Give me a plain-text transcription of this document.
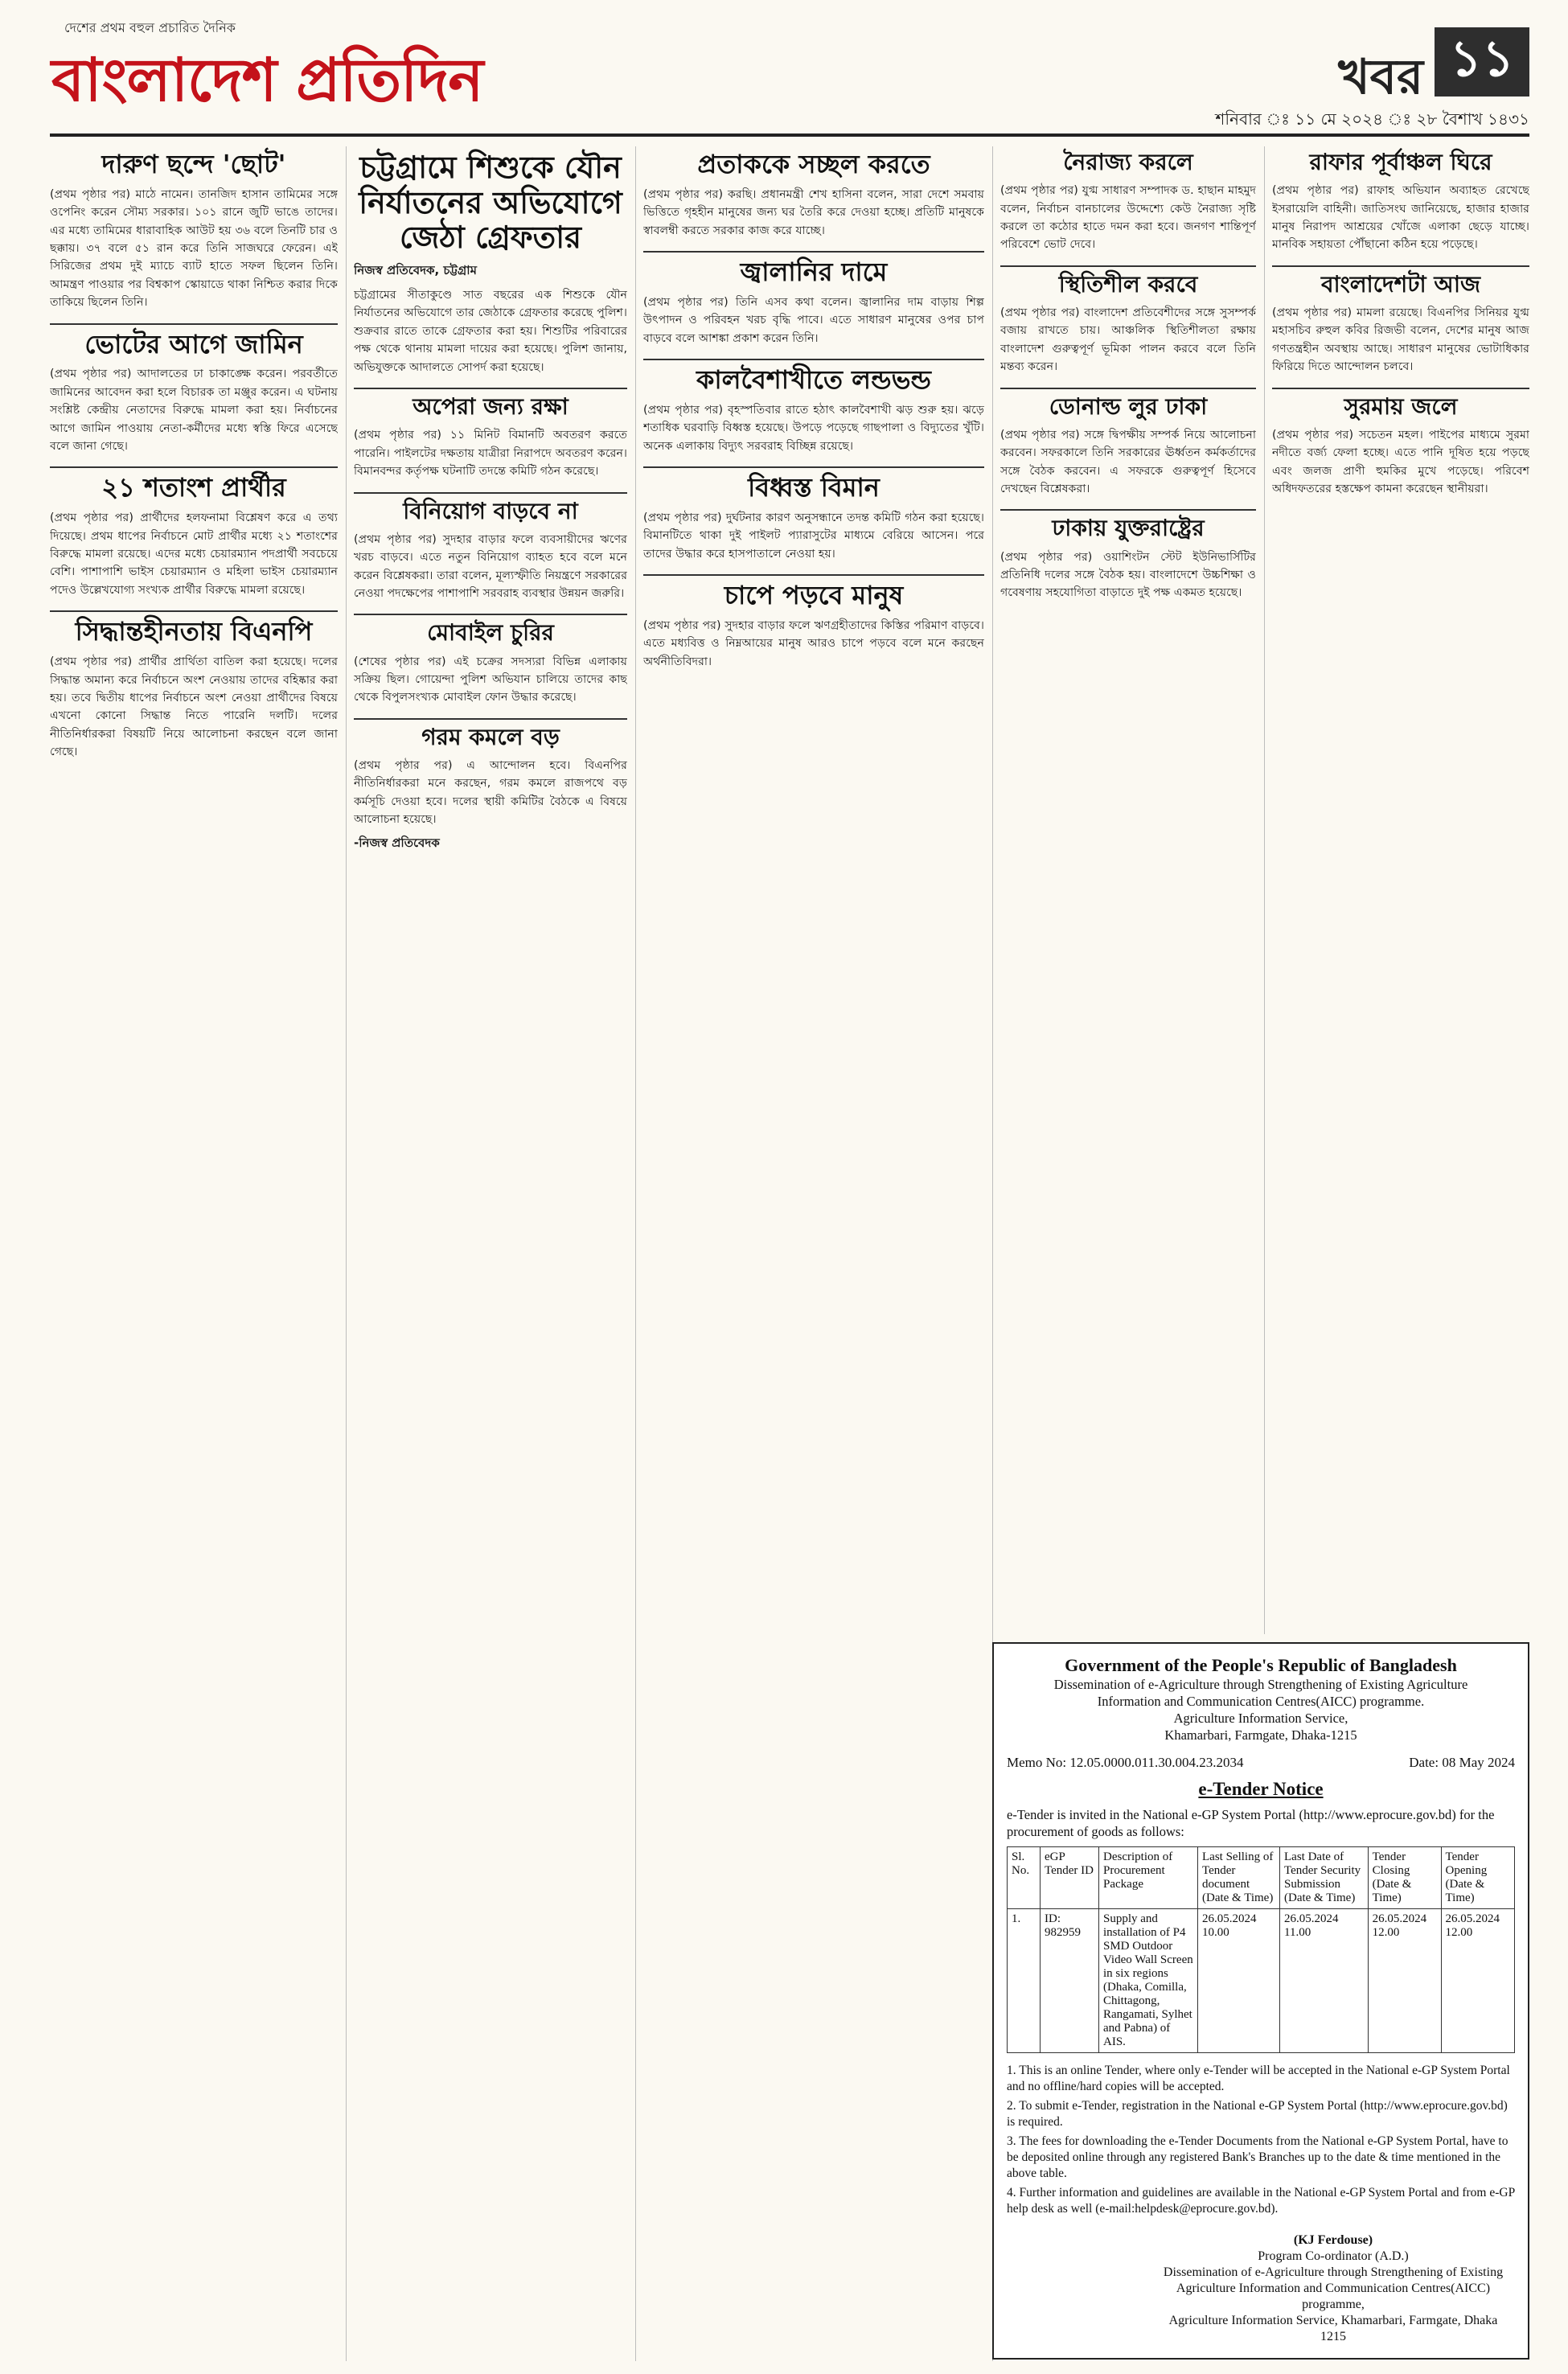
দেশের প্রথম বহুল প্রচারিত দৈনিক
বাংলাদেশ প্রতিদিন	খবর ১১
শনিবার ঃ ১১ মে ২০২৪ ঃ ২৮ বৈশাখ ১৪৩১
দারুণ ছন্দে 'ছোট'
(প্রথম পৃষ্ঠার পর) মাঠে নামেন। তানজিদ হাসান তামিমের সঙ্গে ওপেনিং করেন সৌম্য সরকার। ১০১ রানে জুটি ভাঙে তাদের। এর মধ্যে তামিমের ধারাবাহিক আউট হয় ৩৬ বলে তিনটি চার ও ছক্কায়। ৩৭ বলে ৫১ রান করে তিনি সাজঘরে ফেরেন। এই সিরিজের প্রথম দুই ম্যাচে ব্যাট হাতে সফল ছিলেন তিনি। আমন্ত্রণ পাওয়ার পর বিশ্বকাপ স্কোয়াডে থাকা নিশ্চিত করার দিকে তাকিয়ে ছিলেন তিনি।
ভোটের আগে জামিন
(প্রথম পৃষ্ঠার পর) আদালতের ঢা চাকাঙ্ক্ষে করেন। পরবর্তীতে জামিনের আবেদন করা হলে বিচারক তা মঞ্জুর করেন। এ ঘটনায় সংশ্লিষ্ট কেন্দ্রীয় নেতাদের বিরুদ্ধে মামলা করা হয়। নির্বাচনের আগে জামিন পাওয়ায় নেতা-কর্মীদের মধ্যে স্বস্তি ফিরে এসেছে বলে জানা গেছে।
২১ শতাংশ প্রার্থীর
(প্রথম পৃষ্ঠার পর) প্রার্থীদের হলফনামা বিশ্লেষণ করে এ তথ্য দিয়েছে। প্রথম ধাপের নির্বাচনে মোট প্রার্থীর মধ্যে ২১ শতাংশের বিরুদ্ধে মামলা রয়েছে। এদের মধ্যে চেয়ারম্যান পদপ্রার্থী সবচেয়ে বেশি। পাশাপাশি ভাইস চেয়ারম্যান ও মহিলা ভাইস চেয়ারম্যান পদেও উল্লেখযোগ্য সংখ্যক প্রার্থীর বিরুদ্ধে মামলা রয়েছে।
সিদ্ধান্তহীনতায় বিএনপি
(প্রথম পৃষ্ঠার পর) প্রার্থীর প্রার্থিতা বাতিল করা হয়েছে। দলের সিদ্ধান্ত অমান্য করে নির্বাচনে অংশ নেওয়ায় তাদের বহিষ্কার করা হয়। তবে দ্বিতীয় ধাপের নির্বাচনে অংশ নেওয়া প্রার্থীদের বিষয়ে এখনো কোনো সিদ্ধান্ত নিতে পারেনি দলটি। দলের নীতিনির্ধারকরা বিষয়টি নিয়ে আলোচনা করছেন বলে জানা গেছে।
চট্টগ্রামে শিশুকে যৌন নির্যাতনের অভিযোগে জেঠা গ্রেফতার
নিজস্ব প্রতিবেদক, চট্টগ্রাম
চট্টগ্রামের সীতাকুণ্ডে সাত বছরের এক শিশুকে যৌন নির্যাতনের অভিযোগে তার জেঠাকে গ্রেফতার করেছে পুলিশ। শুক্রবার রাতে তাকে গ্রেফতার করা হয়। শিশুটির পরিবারের পক্ষ থেকে থানায় মামলা দায়ের করা হয়েছে। পুলিশ জানায়, অভিযুক্তকে আদালতে সোপর্দ করা হয়েছে।
অপেরা জন্য রক্ষা
(প্রথম পৃষ্ঠার পর) ১১ মিনিট বিমানটি অবতরণ করতে পারেনি। পাইলটের দক্ষতায় যাত্রীরা নিরাপদে অবতরণ করেন। বিমানবন্দর কর্তৃপক্ষ ঘটনাটি তদন্তে কমিটি গঠন করেছে।
বিনিয়োগ বাড়বে না
(প্রথম পৃষ্ঠার পর) সুদহার বাড়ার ফলে ব্যবসায়ীদের ঋণের খরচ বাড়বে। এতে নতুন বিনিয়োগ ব্যাহত হবে বলে মনে করেন বিশ্লেষকরা। তারা বলেন, মূল্যস্ফীতি নিয়ন্ত্রণে সরকারের নেওয়া পদক্ষেপের পাশাপাশি সরবরাহ ব্যবস্থার উন্নয়ন জরুরি।
মোবাইল চুরির
(শেষের পৃষ্ঠার পর) এই চক্রের সদস্যরা বিভিন্ন এলাকায় সক্রিয় ছিল। গোয়েন্দা পুলিশ অভিযান চালিয়ে তাদের কাছ থেকে বিপুলসংখ্যক মোবাইল ফোন উদ্ধার করেছে।
গরম কমলে বড়
(প্রথম পৃষ্ঠার পর) এ আন্দোলন হবে। বিএনপির নীতিনির্ধারকরা মনে করছেন, গরম কমলে রাজপথে বড় কর্মসূচি দেওয়া হবে। দলের স্থায়ী কমিটির বৈঠকে এ বিষয়ে আলোচনা হয়েছে।
-নিজস্ব প্রতিবেদক
প্রতাককে সচ্ছল করতে
(প্রথম পৃষ্ঠার পর) করছি। প্রধানমন্ত্রী শেখ হাসিনা বলেন, সারা দেশে সমবায় ভিত্তিতে গৃহহীন মানুষের জন্য ঘর তৈরি করে দেওয়া হচ্ছে। প্রতিটি মানুষকে স্বাবলম্বী করতে সরকার কাজ করে যাচ্ছে।
জ্বালানির দামে
(প্রথম পৃষ্ঠার পর) তিনি এসব কথা বলেন। জ্বালানির দাম বাড়ায় শিল্প উৎপাদন ও পরিবহন খরচ বৃদ্ধি পাবে। এতে সাধারণ মানুষের ওপর চাপ বাড়বে বলে আশঙ্কা প্রকাশ করেন তিনি।
কালবৈশাখীতে লন্ডভন্ড
(প্রথম পৃষ্ঠার পর) বৃহস্পতিবার রাতে হঠাৎ কালবৈশাখী ঝড় শুরু হয়। ঝড়ে শতাধিক ঘরবাড়ি বিধ্বস্ত হয়েছে। উপড়ে পড়েছে গাছপালা ও বিদ্যুতের খুঁটি। অনেক এলাকায় বিদ্যুৎ সরবরাহ বিচ্ছিন্ন রয়েছে।
বিধ্বস্ত বিমান
(প্রথম পৃষ্ঠার পর) দুর্ঘটনার কারণ অনুসন্ধানে তদন্ত কমিটি গঠন করা হয়েছে। বিমানটিতে থাকা দুই পাইলট প্যারাসুটের মাধ্যমে বেরিয়ে আসেন। পরে তাদের উদ্ধার করে হাসপাতালে নেওয়া হয়।
চাপে পড়বে মানুষ
(প্রথম পৃষ্ঠার পর) সুদহার বাড়ার ফলে ঋণগ্রহীতাদের কিস্তির পরিমাণ বাড়বে। এতে মধ্যবিত্ত ও নিম্নআয়ের মানুষ আরও চাপে পড়বে বলে মনে করছেন অর্থনীতিবিদরা।
নৈরাজ্য করলে
(প্রথম পৃষ্ঠার পর) যুগ্ম সাধারণ সম্পাদক ড. হাছান মাহমুদ বলেন, নির্বাচন বানচালের উদ্দেশ্যে কেউ নৈরাজ্য সৃষ্টি করলে তা কঠোর হাতে দমন করা হবে। জনগণ শান্তিপূর্ণ পরিবেশে ভোট দেবে।
স্থিতিশীল করবে
(প্রথম পৃষ্ঠার পর) বাংলাদেশ প্রতিবেশীদের সঙ্গে সুসম্পর্ক বজায় রাখতে চায়। আঞ্চলিক স্থিতিশীলতা রক্ষায় বাংলাদেশ গুরুত্বপূর্ণ ভূমিকা পালন করবে বলে তিনি মন্তব্য করেন।
ডোনাল্ড লুর ঢাকা
(প্রথম পৃষ্ঠার পর) সঙ্গে দ্বিপক্ষীয় সম্পর্ক নিয়ে আলোচনা করবেন। সফরকালে তিনি সরকারের ঊর্ধ্বতন কর্মকর্তাদের সঙ্গে বৈঠক করবেন। এ সফরকে গুরুত্বপূর্ণ হিসেবে দেখছেন বিশ্লেষকরা।
ঢাকায় যুক্তরাষ্ট্রের
(প্রথম পৃষ্ঠার পর) ওয়াশিংটন স্টেট ইউনিভার্সিটির প্রতিনিধি দলের সঙ্গে বৈঠক হয়। বাংলাদেশে উচ্চশিক্ষা ও গবেষণায় সহযোগিতা বাড়াতে দুই পক্ষ একমত হয়েছে।
রাফার পূর্বাঞ্চল ঘিরে
(প্রথম পৃষ্ঠার পর) রাফাহ অভিযান অব্যাহত রেখেছে ইসরায়েলি বাহিনী। জাতিসংঘ জানিয়েছে, হাজার হাজার মানুষ নিরাপদ আশ্রয়ের খোঁজে এলাকা ছেড়ে যাচ্ছে। মানবিক সহায়তা পৌঁছানো কঠিন হয়ে পড়েছে।
বাংলাদেশটা আজ
(প্রথম পৃষ্ঠার পর) মামলা রয়েছে। বিএনপির সিনিয়র যুগ্ম মহাসচিব রুহুল কবির রিজভী বলেন, দেশের মানুষ আজ গণতন্ত্রহীন অবস্থায় আছে। সাধারণ মানুষের ভোটাধিকার ফিরিয়ে দিতে আন্দোলন চলবে।
সুরমায় জলে
(প্রথম পৃষ্ঠার পর) সচেতন মহল। পাইপের মাধ্যমে সুরমা নদীতে বর্জ্য ফেলা হচ্ছে। এতে পানি দূষিত হয়ে পড়ছে এবং জলজ প্রাণী হুমকির মুখে পড়েছে। পরিবেশ অধিদফতরের হস্তক্ষেপ কামনা করেছেন স্থানীয়রা।
Government of the People's Republic of Bangladesh
Dissemination of e-Agriculture through Strengthening of Existing Agriculture
Information and Communication Centres(AICC) programme.
Agriculture Information Service,
Khamarbari, Farmgate, Dhaka-1215
Memo No: 12.05.0000.011.30.004.23.2034	Date: 08 May 2024
e-Tender Notice
e-Tender is invited in the National e-GP System Portal (http://www.eprocure.gov.bd) for the procurement of goods as follows:
Sl. No.	eGP Tender ID	Description of Procurement Package	Last Selling of Tender document (Date & Time)	Last Date of Tender Security Submission (Date & Time)	Tender Closing (Date & Time)	Tender Opening (Date & Time)
1.	ID: 982959	Supply and installation of P4 SMD Outdoor Video Wall Screen in six regions (Dhaka, Comilla, Chittagong, Rangamati, Sylhet and Pabna) of AIS.	26.05.2024 10.00	26.05.2024 11.00	26.05.2024 12.00	26.05.2024 12.00
1. This is an online Tender, where only e-Tender will be accepted in the National e-GP System Portal and no offline/hard copies will be accepted.
2. To submit e-Tender, registration in the National e-GP System Portal (http://www.eprocure.gov.bd) is required.
3. The fees for downloading the e-Tender Documents from the National e-GP System Portal, have to be deposited online through any registered Bank's Branches up to the date & time mentioned in the above table.
4. Further information and guidelines are available in the National e-GP System Portal and from e-GP help desk as well (e-mail:helpdesk@eprocure.gov.bd).
(KJ Ferdouse)
Program Co-ordinator (A.D.)
Dissemination of e-Agriculture through Strengthening of Existing Agriculture Information and Communication Centres(AICC) programme,
Agriculture Information Service, Khamarbari, Farmgate, Dhaka 1215
